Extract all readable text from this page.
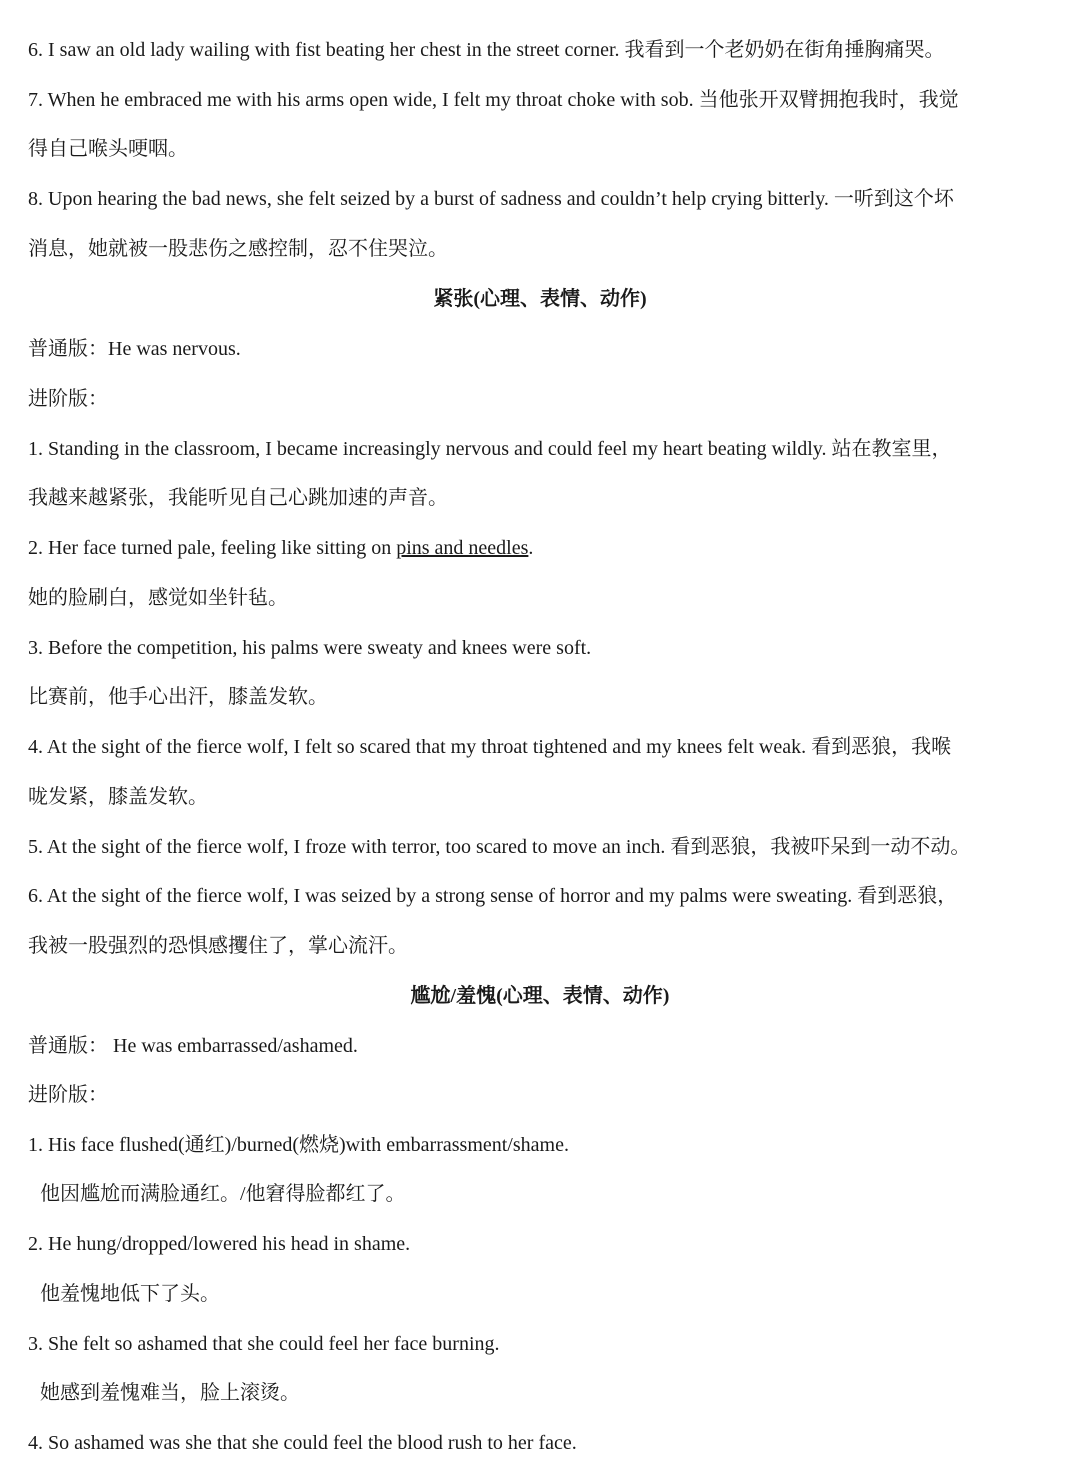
6. I saw an old lady wailing with fist beating her chest in the street corner. 我看到一个老奶奶在街角捶胸痛哭。
7. When he embraced me with his arms open wide, I felt my throat choke with sob. 当他张开双臂拥抱我时，我觉
得自己喉头哽咽。
8. Upon hearing the bad news, she felt seized by a burst of sadness and couldn’t help crying bitterly. 一听到这个坏
消息，她就被一股悲伤之感控制，忍不住哭泣。
紧张(心理、表情、动作)
普通版：He was nervous.
进阶版：
1. Standing in the classroom, I became increasingly nervous and could feel my heart beating wildly. 站在教室里，
我越来越紧张，我能听见自己心跳加速的声音。
2. Her face turned pale, feeling like sitting on pins and needles.
她的脸刷白，感觉如坐针毡。
3. Before the competition, his palms were sweaty and knees were soft.
比赛前，他手心出汗，膝盖发软。
4. At the sight of the fierce wolf, I felt so scared that my throat tightened and my knees felt weak. 看到恶狼，我喉
咙发紧，膝盖发软。
5. At the sight of the fierce wolf, I froze with terror, too scared to move an inch. 看到恶狼，我被吓呆到一动不动。
6. At the sight of the fierce wolf, I was seized by a strong sense of horror and my palms were sweating. 看到恶狼，
我被一股强烈的恐惧感攫住了，掌心流汗。
尴尬/羞愧(心理、表情、动作)
普通版： He was embarrassed/ashamed.
进阶版：
1. His face flushed(通红)/burned(燃烧)with embarrassment/shame.
他因尴尬而满脸通红。/他窘得脸都红了。
2. He hung/dropped/lowered his head in shame.
他羞愧地低下了头。
3. She felt so ashamed that she could feel her face burning.
她感到羞愧难当，脸上滚烫。
4. So ashamed was she that she could feel the blood rush to her face.
